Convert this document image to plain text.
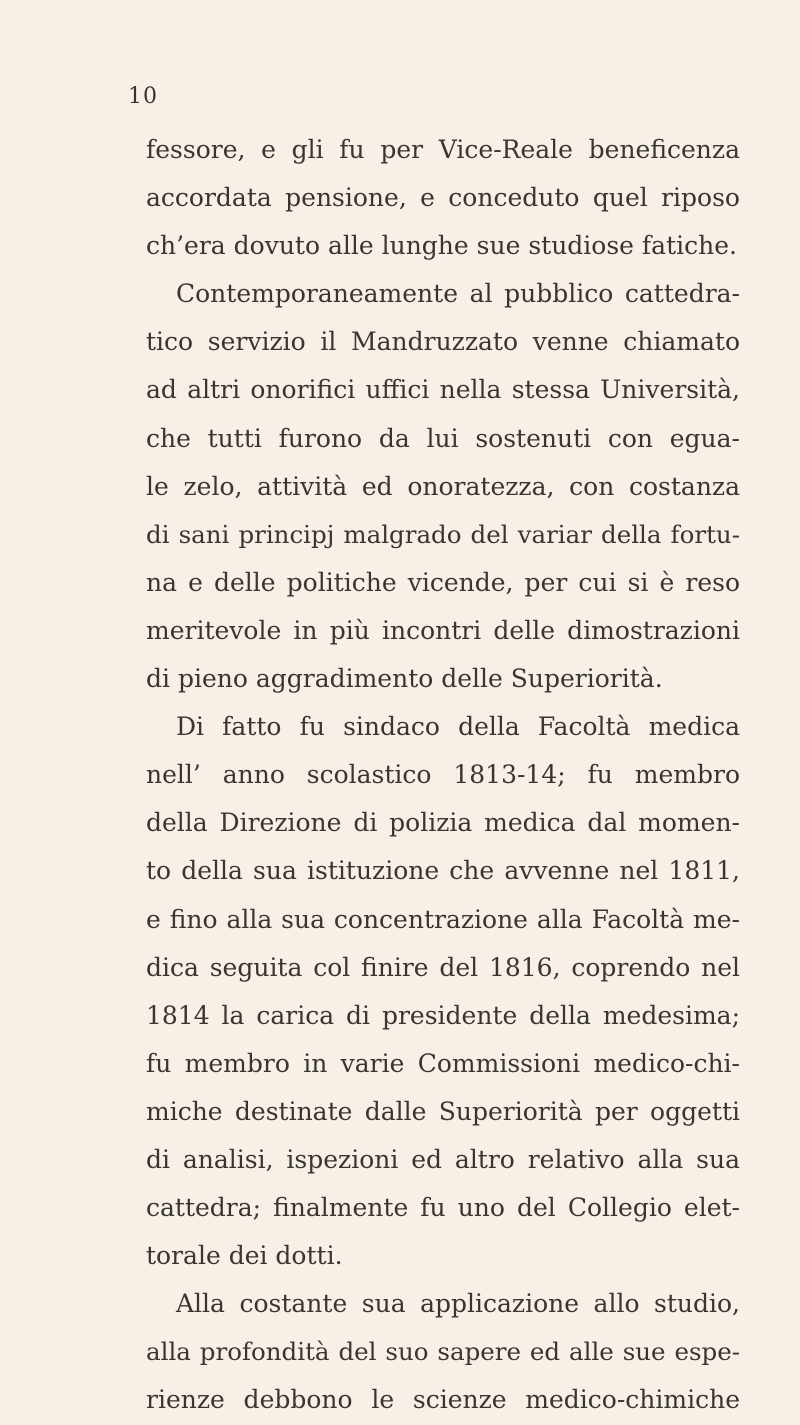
10
fessore, e gli fu per Vice-Reale beneficenza
accordata pensione, e conceduto quel riposo
ch’era dovuto alle lunghe sue studiose fatiche.
Contemporaneamente al pubblico cattedra-
tico servizio il Mandruzzato venne chiamato
ad altri onorifici uffici nella stessa Università,
che tutti furono da lui sostenuti con egua-
le zelo, attività ed onoratezza, con costanza
di sani principj malgrado del variar della fortu-
na e delle politiche vicende, per cui si è reso
meritevole in più incontri delle dimostrazioni
di pieno aggradimento delle Superiorità.
Di fatto fu sindaco della Facoltà medica
nell’ anno scolastico 1813-14; fu membro
della Direzione di polizia medica dal momen-
to della sua istituzione che avvenne nel 1811,
e fino alla sua concentrazione alla Facoltà me-
dica seguita col finire del 1816, coprendo nel
1814 la carica di presidente della medesima;
fu membro in varie Commissioni medico-chi-
miche destinate dalle Superiorità per oggetti
di analisi, ispezioni ed altro relativo alla sua
cattedra; finalmente fu uno del Collegio elet-
torale dei dotti.
Alla costante sua applicazione allo studio,
alla profondità del suo sapere ed alle sue espe-
rienze debbono le scienze medico-chimiche
